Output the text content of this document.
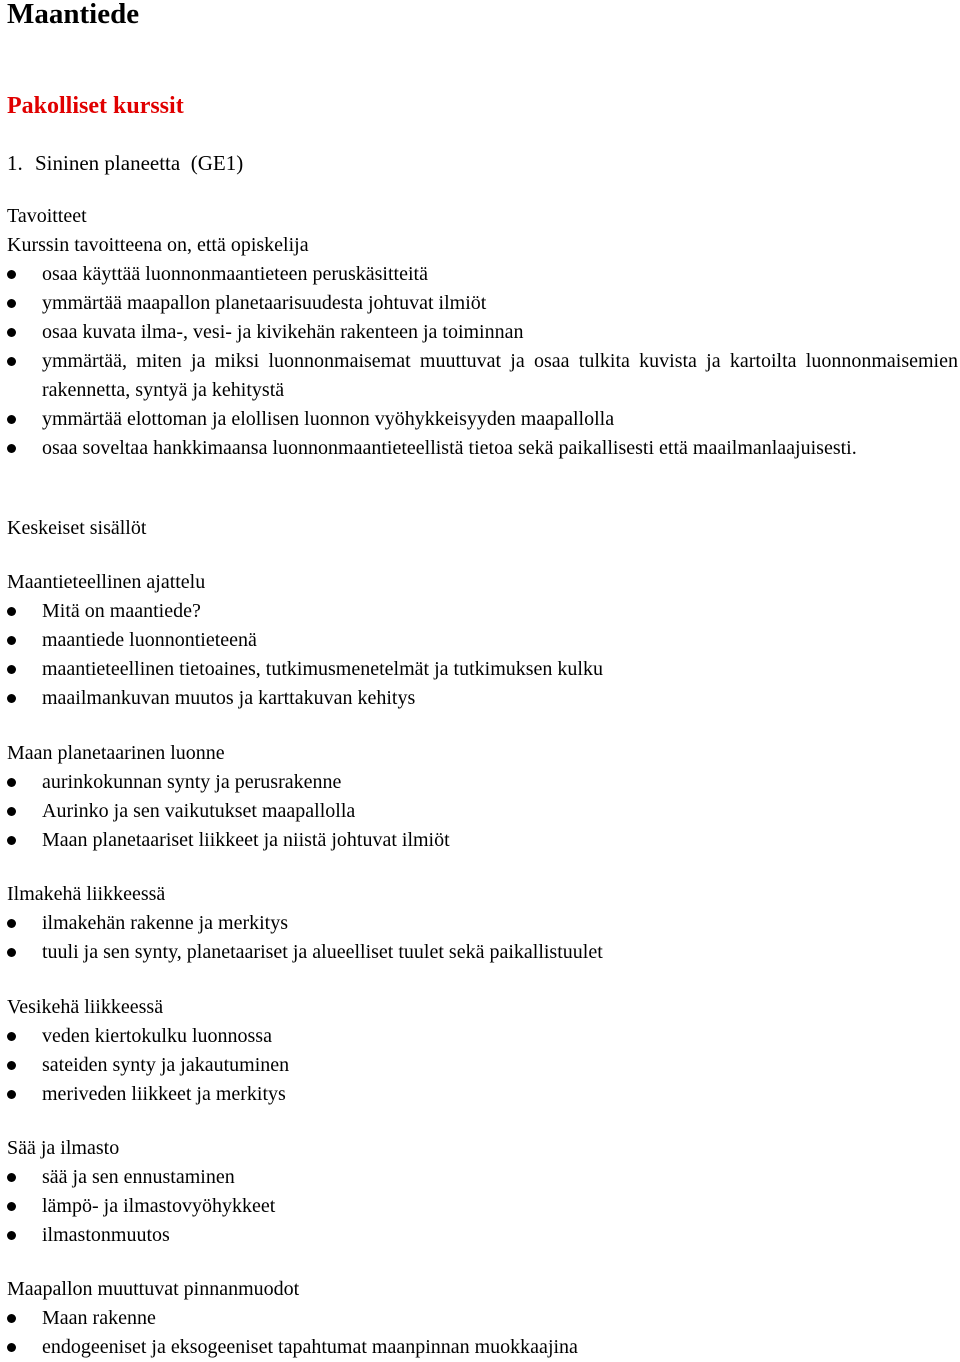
Maantiede
Pakolliset kurssit
1. Sininen planeetta  (GE1)

Tavoitteet

Kurssin tavoitteena on, että opiskelija

osaa käyttää luonnonmaantieteen peruskäsitteitä
ymmärtää maapallon planetaarisuudesta johtuvat ilmiöt
osaa kuvata ilma-, vesi- ja kivikehän rakenteen ja toiminnan
ymmärtää, miten ja miksi luonnonmaisemat muuttuvat ja osaa tulkita kuvista ja kartoilta luonnonmaisemien rakennetta, syntyä ja kehitystä
ymmärtää elottoman ja elollisen luonnon vyöhykkeisyyden maapallolla
osaa soveltaa hankkimaansa luonnonmaantieteellistä tietoa sekä paikallisesti että maailmanlaajuisesti.

Keskeiset sisällöt

Maantieteellinen ajattelu

Mitä on maantiede?
maantiede luonnontieteenä
maantieteellinen tietoaines, tutkimusmenetelmät ja tutkimuksen kulku
maailmankuvan muutos ja karttakuvan kehitys

Maan planetaarinen luonne

aurinkokunnan synty ja perusrakenne
Aurinko ja sen vaikutukset maapallolla
Maan planetaariset liikkeet ja niistä johtuvat ilmiöt

Ilmakehä liikkeessä

ilmakehän rakenne ja merkitys
tuuli ja sen synty, planetaariset ja alueelliset tuulet sekä paikallistuulet

Vesikehä liikkeessä

veden kiertokulku luonnossa
sateiden synty ja jakautuminen
meriveden liikkeet ja merkitys

Sää ja ilmasto

sää ja sen ennustaminen
lämpö- ja ilmastovyöhykkeet
ilmastonmuutos

Maapallon muuttuvat pinnanmuodot

Maan rakenne
endogeeniset ja eksogeeniset tapahtumat maanpinnan muokkaajina
